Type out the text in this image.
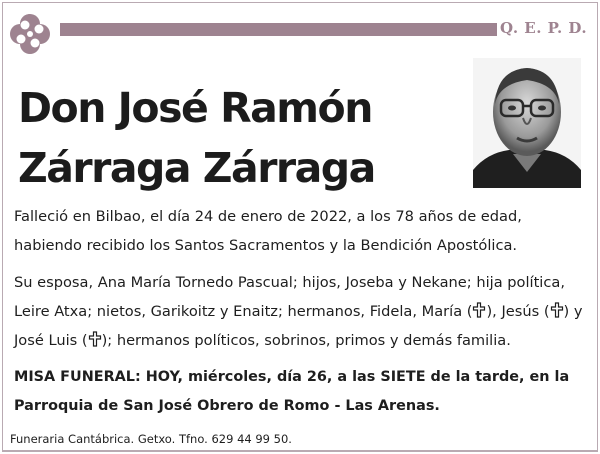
Q. E. P. D.
Don José Ramón
Zárraga Zárraga

Falleció en Bilbao, el día 24 de enero de 2022, a los 78 años de edad, habiendo recibido los Santos Sacramentos y la Bendición Apostólica.

Su esposa, Ana María Tornedo Pascual; hijos, Joseba y Nekane; hija política, Leire Atxa; nietos, Garikoitz y Enaitz; hermanos, Fidela, María ( ), Jesús ( ) y José Luis ( ); hermanos políticos, sobrinos, primos y demás familia.

MISA FUNERAL: HOY, miércoles, día 26, a las SIETE de la tarde, en la Parroquia de San José Obrero de Romo - Las Arenas.

Funeraria Cantábrica. Getxo. Tfno. 629 44 99 50.
